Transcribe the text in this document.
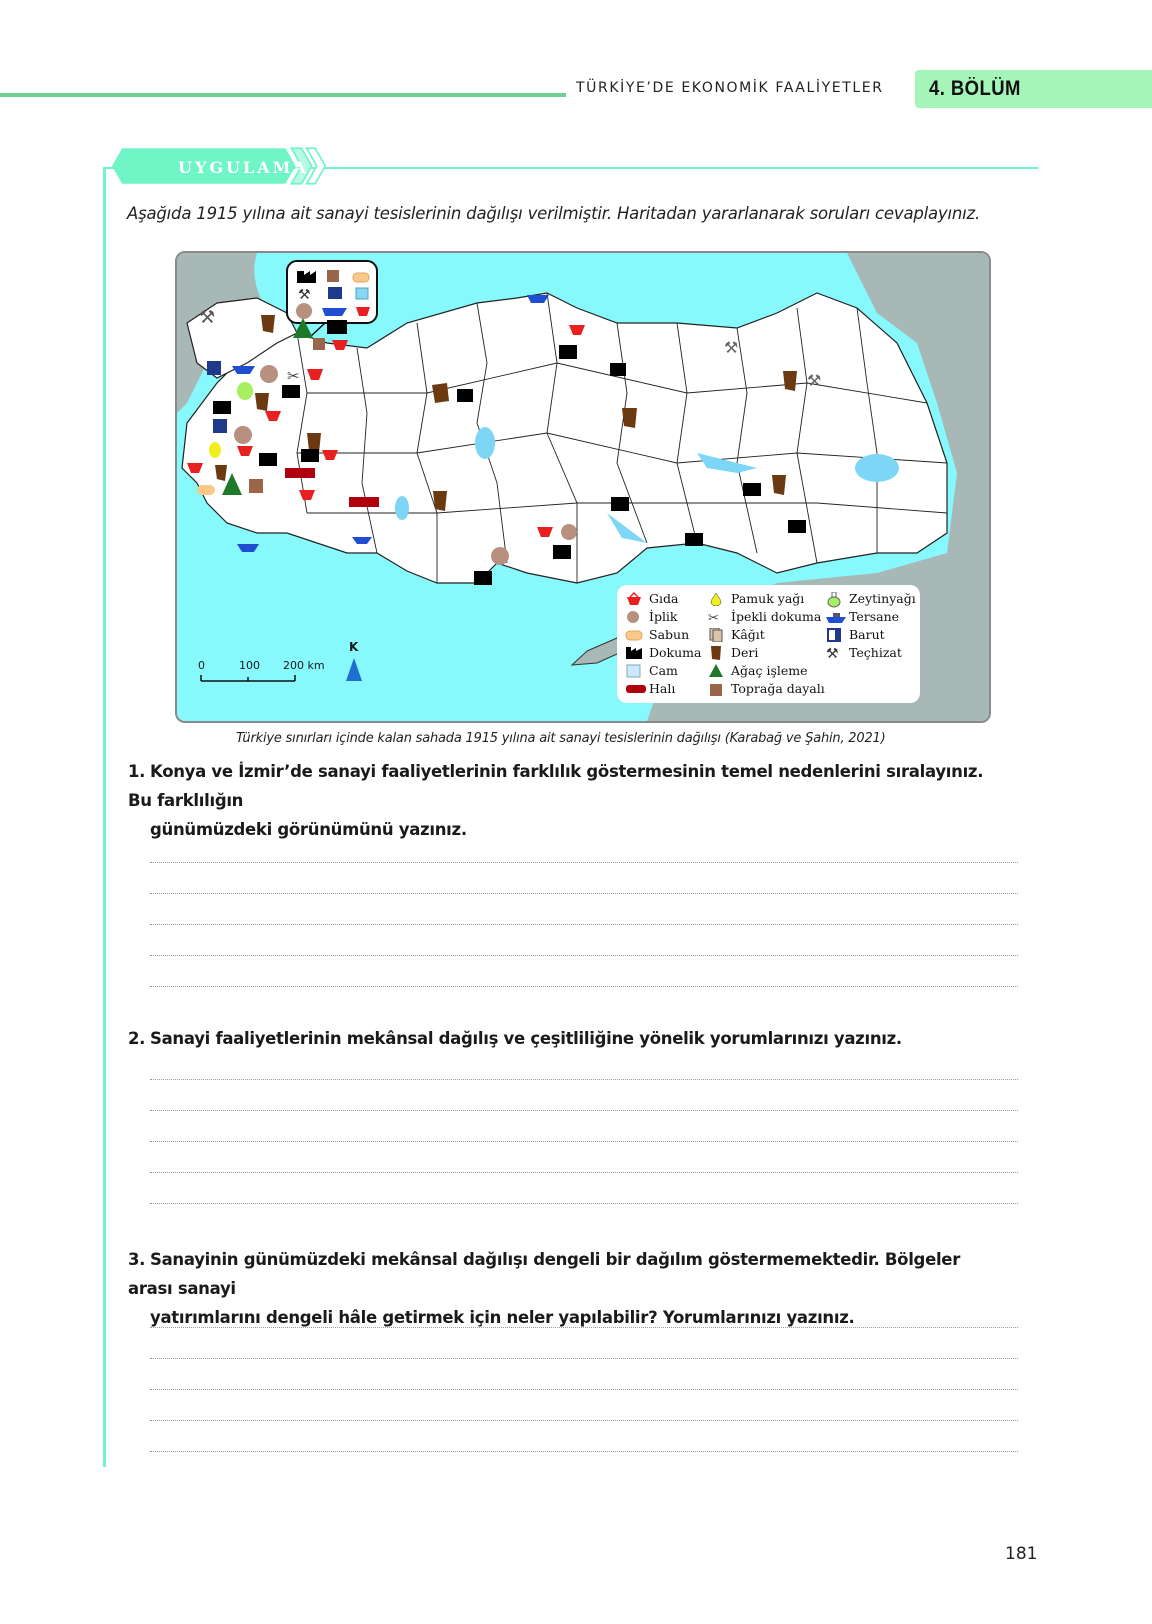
TÜRKİYE’DE EKONOMİK FAALİYETLER 4. BÖLÜM
UYGULAMA
Aşağıda 1915 yılına ait sanayi tesislerinin dağılışı verilmiştir. Haritadan yararlanarak soruları cevaplayınız.
⚒
⚒
⚒
⚒
✂
Gıda
İplik
Sabun
Dokuma
Cam
Halı
Pamuk yağı
✂ İpekli dokuma
Kâğıt
Deri
Ağaç işleme
Toprağa dayalı
Zeytinyağı
Tersane
Barut
⚒ Teçhizat
0	100 200 km
K
Türkiye sınırları içinde kalan sahada 1915 yılına ait sanayi tesislerinin dağılışı (Karabağ ve Şahin, 2021)
1. Konya ve İzmir’de sanayi faaliyetlerinin farklılık göstermesinin temel nedenlerini sıralayınız. Bu farklılığın
günümüzdeki görünümünü yazınız.
2. Sanayi faaliyetlerinin mekânsal dağılış ve çeşitliliğine yönelik yorumlarınızı yazınız.
3. Sanayinin günümüzdeki mekânsal dağılışı dengeli bir dağılım göstermemektedir. Bölgeler arası sanayi
yatırımlarını dengeli hâle getirmek için neler yapılabilir? Yorumlarınızı yazınız.
181
